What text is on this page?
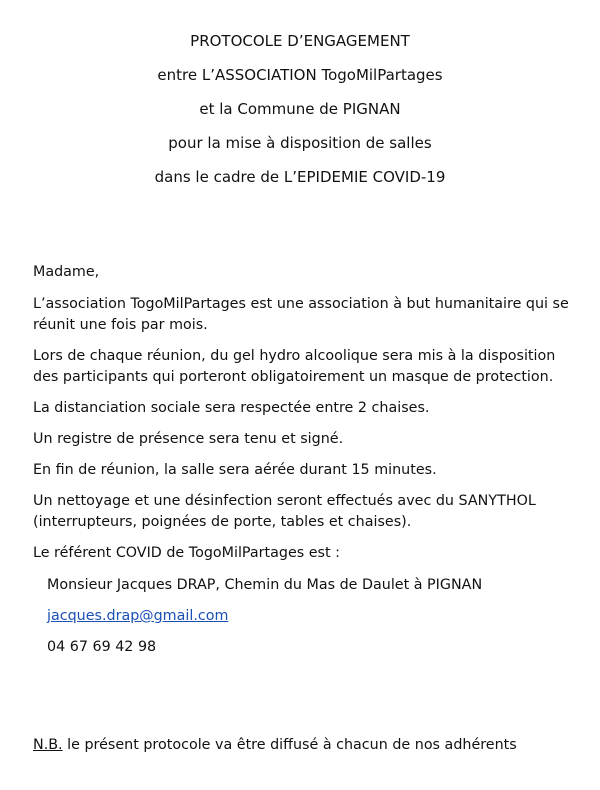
PROTOCOLE D’ENGAGEMENT
entre L’ASSOCIATION TogoMilPartages
et la Commune de PIGNAN
pour la mise à disposition de salles
dans le cadre de L’EPIDEMIE COVID-19

Madame,

L’association TogoMilPartages est une association à but humanitaire qui se réunit une fois par mois.

Lors de chaque réunion, du gel hydro alcoolique sera mis à la disposition des participants qui porteront obligatoirement un masque de protection.

La distanciation sociale sera respectée entre 2 chaises.

Un registre de présence sera tenu et signé.

En fin de réunion, la salle sera aérée durant 15 minutes.

Un nettoyage et une désinfection seront effectués avec du SANYTHOL (interrupteurs, poignées de porte, tables et chaises).

Le référent COVID de TogoMilPartages est :

Monsieur Jacques DRAP, Chemin du Mas de Daulet à PIGNAN
jacques.drap@gmail.com
04 67 69 42 98
N.B. le présent protocole va être diffusé à chacun de nos adhérents
